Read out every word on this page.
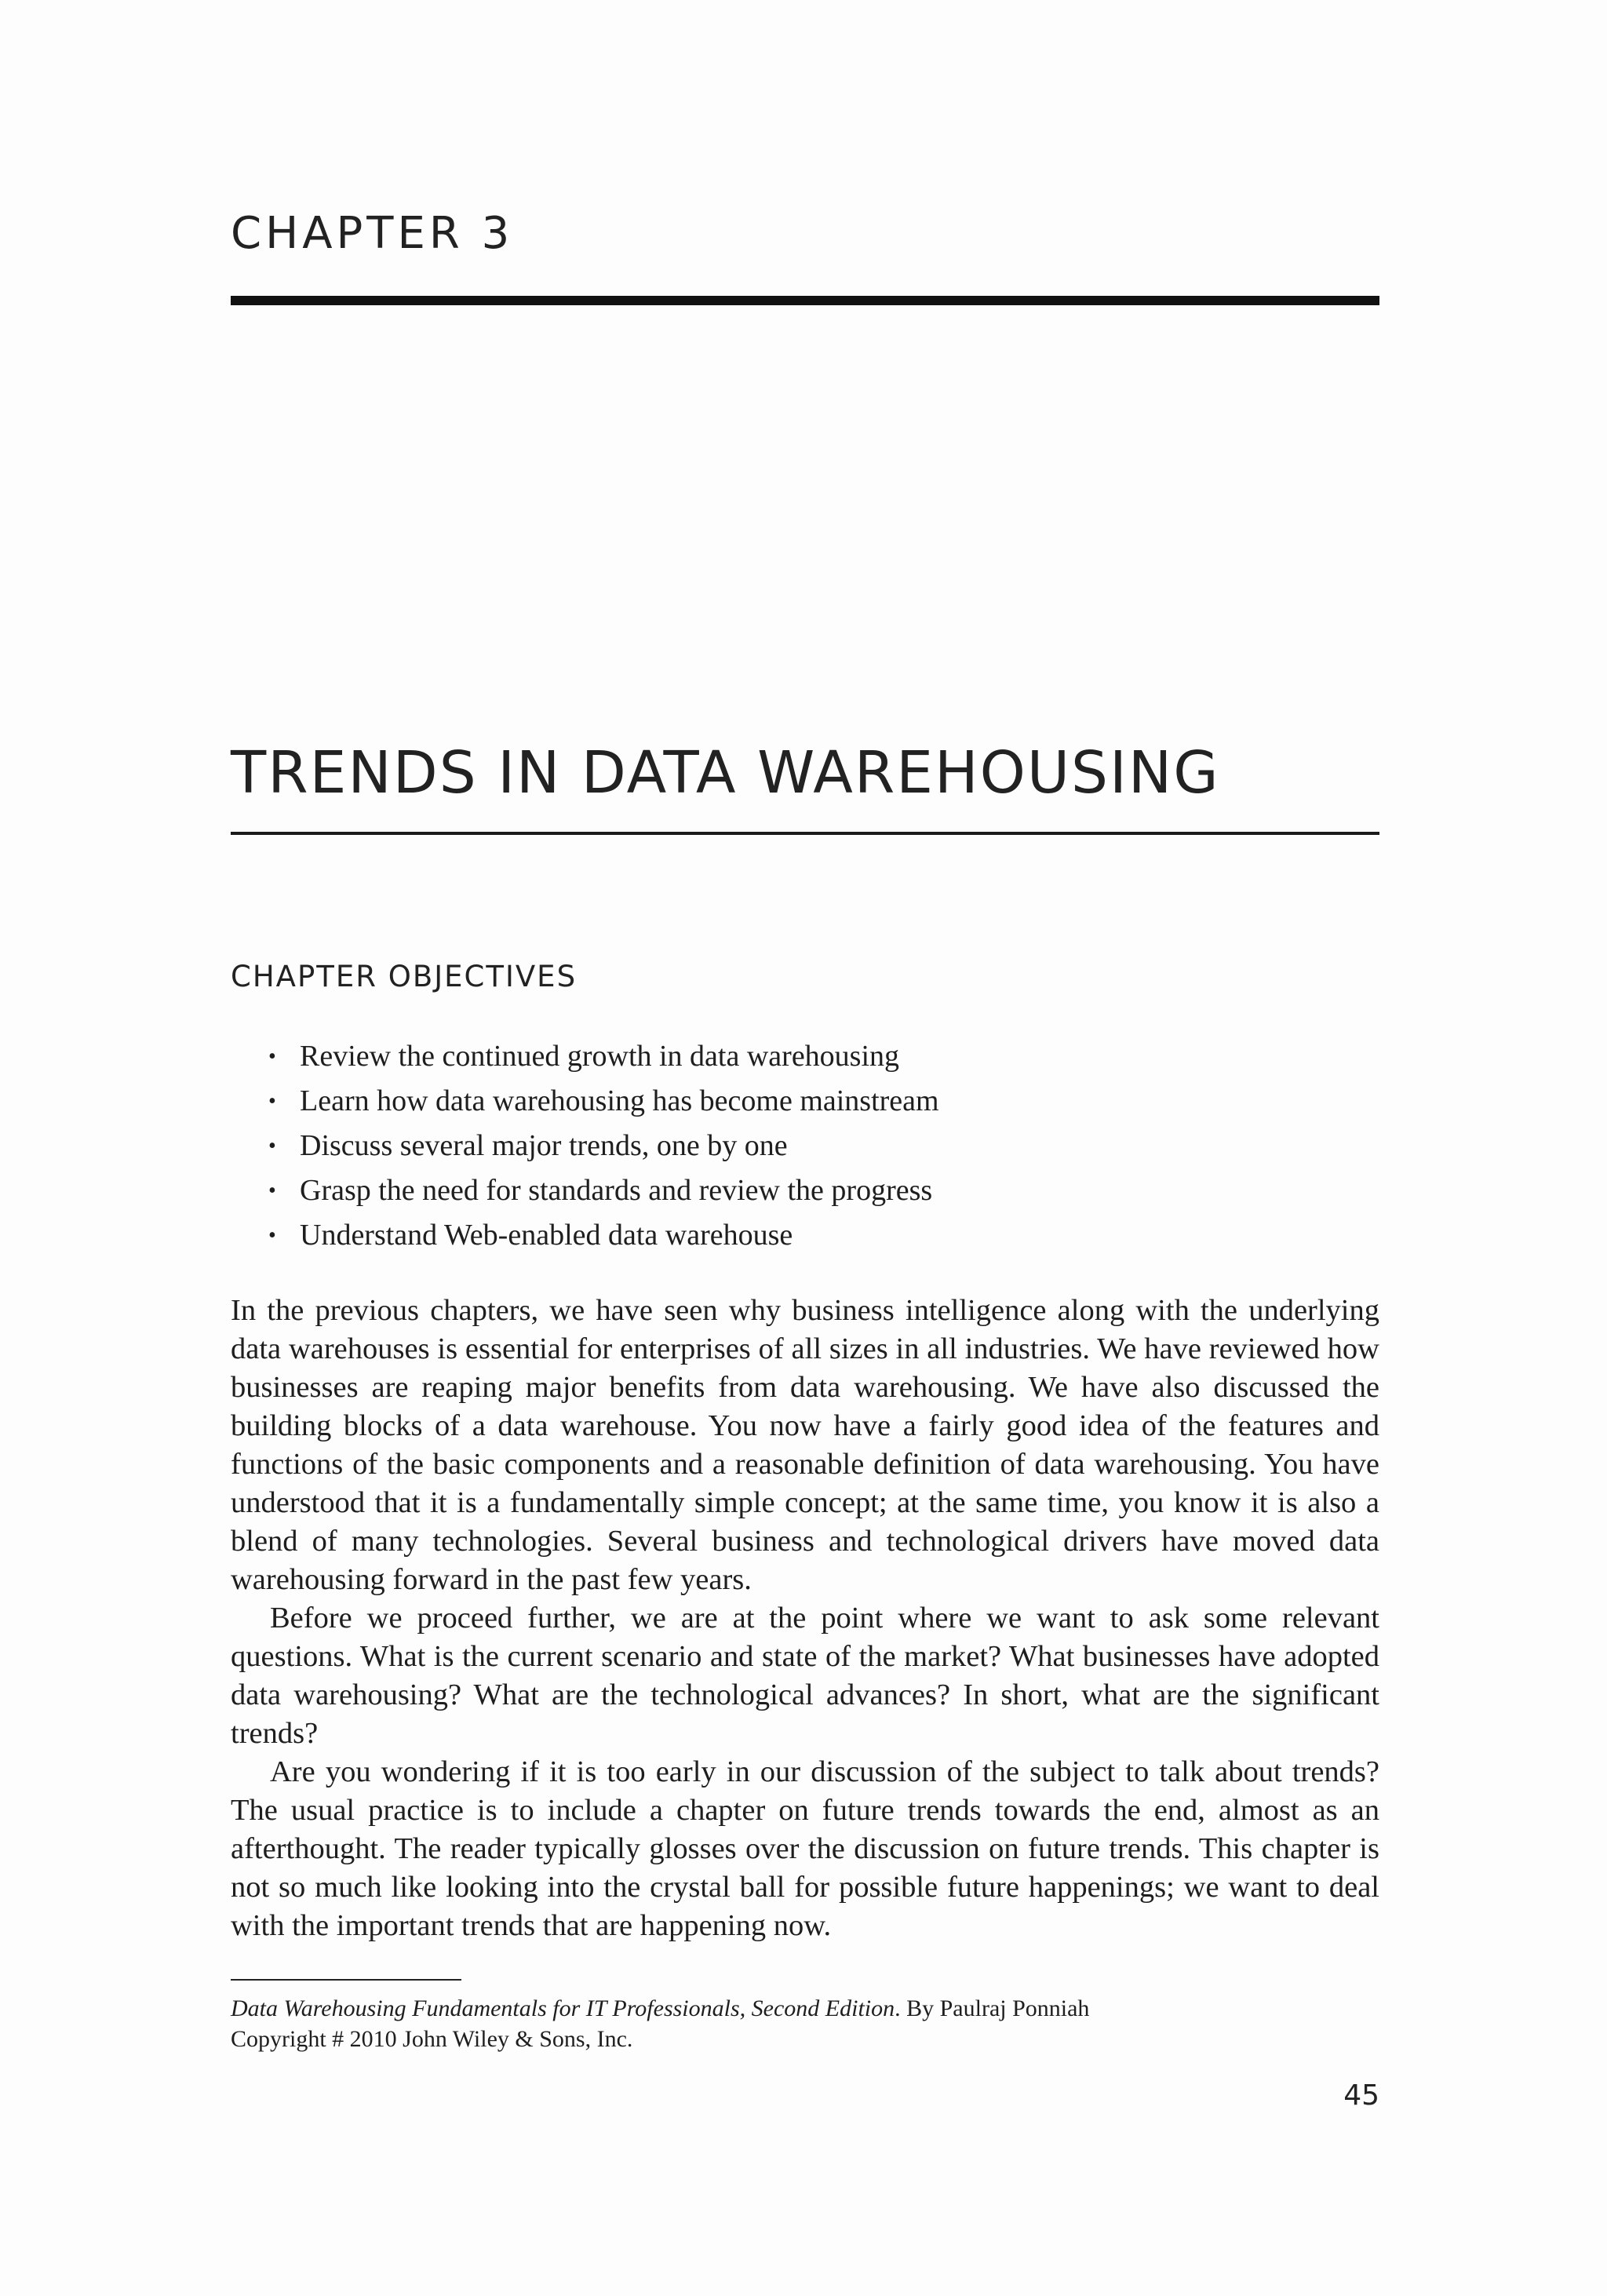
CHAPTER 3
TRENDS IN DATA WAREHOUSING
CHAPTER OBJECTIVES
• Review the continued growth in data warehousing
• Learn how data warehousing has become mainstream
• Discuss several major trends, one by one
• Grasp the need for standards and review the progress
• Understand Web-enabled data warehouse

In the previous chapters, we have seen why business intelligence along with the underlying data warehouses is essential for enterprises of all sizes in all industries. We have reviewed how businesses are reaping major benefits from data warehousing. We have also discussed the building blocks of a data warehouse. You now have a fairly good idea of the features and functions of the basic components and a reasonable definition of data warehousing. You have understood that it is a fundamentally simple concept; at the same time, you know it is also a blend of many technologies. Several business and technological drivers have moved data warehousing forward in the past few years.

Before we proceed further, we are at the point where we want to ask some relevant questions. What is the current scenario and state of the market? What businesses have adopted data warehousing? What are the technological advances? In short, what are the significant trends?

Are you wondering if it is too early in our discussion of the subject to talk about trends? The usual practice is to include a chapter on future trends towards the end, almost as an afterthought. The reader typically glosses over the discussion on future trends. This chapter is not so much like looking into the crystal ball for possible future happenings; we want to deal with the important trends that are happening now.

Data Warehousing Fundamentals for IT Professionals, Second Edition. By Paulraj Ponniah
Copyright # 2010 John Wiley & Sons, Inc.
45
